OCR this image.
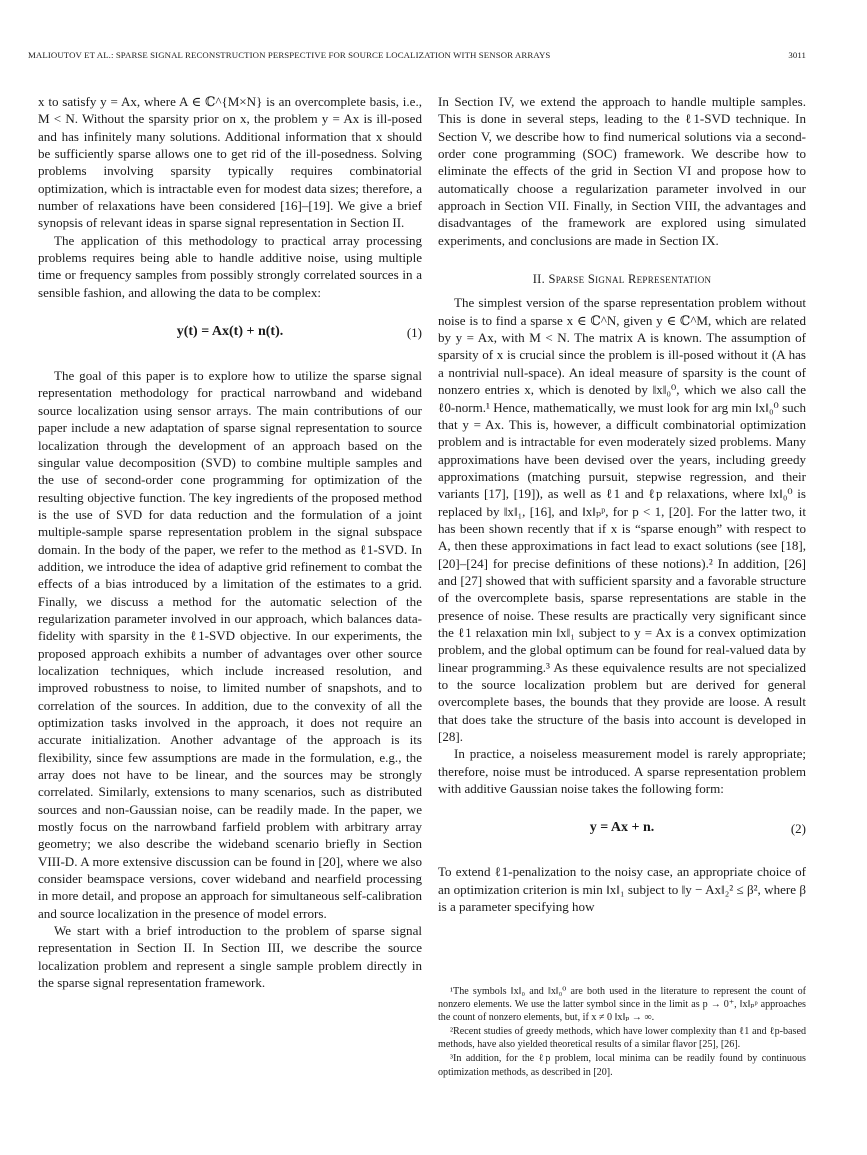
MALIOUTOV ET AL.: SPARSE SIGNAL RECONSTRUCTION PERSPECTIVE FOR SOURCE LOCALIZATION WITH SENSOR ARRAYS	3011

x to satisfy y = Ax, where A ∈ ℂ^{M×N} is an overcomplete basis, i.e., M < N. Without the sparsity prior on x, the problem y = Ax is ill-posed and has infinitely many solutions. Additional information that x should be sufficiently sparse allows one to get rid of the ill-posedness. Solving problems involving sparsity typically requires combinatorial optimization, which is intractable even for modest data sizes; therefore, a number of relaxations have been considered [16]–[19]. We give a brief synopsis of relevant ideas in sparse signal representation in Section II.

The application of this methodology to practical array processing problems requires being able to handle additive noise, using multiple time or frequency samples from possibly strongly correlated sources in a sensible fashion, and allowing the data to be complex:

y(t) = Ax(t) + n(t).	(1)

The goal of this paper is to explore how to utilize the sparse signal representation methodology for practical narrowband and wideband source localization using sensor arrays. The main contributions of our paper include a new adaptation of sparse signal representation to source localization through the development of an approach based on the singular value decomposition (SVD) to combine multiple samples and the use of second-order cone programming for optimization of the resulting objective function. The key ingredients of the proposed method is the use of SVD for data reduction and the formulation of a joint multiple-sample sparse representation problem in the signal subspace domain. In the body of the paper, we refer to the method as ℓ1-SVD. In addition, we introduce the idea of adaptive grid refinement to combat the effects of a bias introduced by a limitation of the estimates to a grid. Finally, we discuss a method for the automatic selection of the regularization parameter involved in our approach, which balances data-fidelity with sparsity in the ℓ1-SVD objective. In our experiments, the proposed approach exhibits a number of advantages over other source localization techniques, which include increased resolution, and improved robustness to noise, to limited number of snapshots, and to correlation of the sources. In addition, due to the convexity of all the optimization tasks involved in the approach, it does not require an accurate initialization. Another advantage of the approach is its flexibility, since few assumptions are made in the formulation, e.g., the array does not have to be linear, and the sources may be strongly correlated. Similarly, extensions to many scenarios, such as distributed sources and non-Gaussian noise, can be readily made. In the paper, we mostly focus on the narrowband farfield problem with arbitrary array geometry; we also describe the wideband scenario briefly in Section VIII-D. A more extensive discussion can be found in [20], where we also consider beamspace versions, cover wideband and nearfield processing in more detail, and propose an approach for simultaneous self-calibration and source localization in the presence of model errors.

We start with a brief introduction to the problem of sparse signal representation in Section II. In Section III, we describe the source localization problem and represent a single sample problem directly in the sparse signal representation framework.

In Section IV, we extend the approach to handle multiple samples. This is done in several steps, leading to the ℓ1-SVD technique. In Section V, we describe how to find numerical solutions via a second-order cone programming (SOC) framework. We describe how to eliminate the effects of the grid in Section VI and propose how to automatically choose a regularization parameter involved in our approach in Section VII. Finally, in Section VIII, the advantages and disadvantages of the framework are explored using simulated experiments, and conclusions are made in Section IX.

II. Sparse Signal Representation

The simplest version of the sparse representation problem without noise is to find a sparse x ∈ ℂ^N, given y ∈ ℂ^M, which are related by y = Ax, with M < N. The matrix A is known. The assumption of sparsity of x is crucial since the problem is ill-posed without it (A has a nontrivial null-space). An ideal measure of sparsity is the count of nonzero entries x, which is denoted by ‖x‖₀⁰, which we also call the ℓ0-norm.¹ Hence, mathematically, we must look for arg min ‖x‖₀⁰ such that y = Ax. This is, however, a difficult combinatorial optimization problem and is intractable for even moderately sized problems. Many approximations have been devised over the years, including greedy approximations (matching pursuit, stepwise regression, and their variants [17], [19]), as well as ℓ1 and ℓp relaxations, where ‖x‖₀⁰ is replaced by ‖x‖₁, [16], and ‖x‖ₚᵖ, for p < 1, [20]. For the latter two, it has been shown recently that if x is “sparse enough” with respect to A, then these approximations in fact lead to exact solutions (see [18], [20]–[24] for precise definitions of these notions).² In addition, [26] and [27] showed that with sufficient sparsity and a favorable structure of the overcomplete basis, sparse representations are stable in the presence of noise. These results are practically very significant since the ℓ1 relaxation min ‖x‖₁ subject to y = Ax is a convex optimization problem, and the global optimum can be found for real-valued data by linear programming.³ As these equivalence results are not specialized to the source localization problem but are derived for general overcomplete bases, the bounds that they provide are loose. A result that does take the structure of the basis into account is developed in [28].

In practice, a noiseless measurement model is rarely appropriate; therefore, noise must be introduced. A sparse representation problem with additive Gaussian noise takes the following form:

y = Ax + n.	(2)

To extend ℓ1-penalization to the noisy case, an appropriate choice of an optimization criterion is min ‖x‖₁ subject to ‖y − Ax‖₂² ≤ β², where β is a parameter specifying how

¹The symbols ‖x‖₀ and ‖x‖₀⁰ are both used in the literature to represent the count of nonzero elements. We use the latter symbol since in the limit as p → 0⁺, ‖x‖ₚᵖ approaches the count of nonzero elements, but, if x ≠ 0 ‖x‖ₚ → ∞.

²Recent studies of greedy methods, which have lower complexity than ℓ1 and ℓp-based methods, have also yielded theoretical results of a similar flavor [25], [26].

³In addition, for the ℓp problem, local minima can be readily found by continuous optimization methods, as described in [20].
